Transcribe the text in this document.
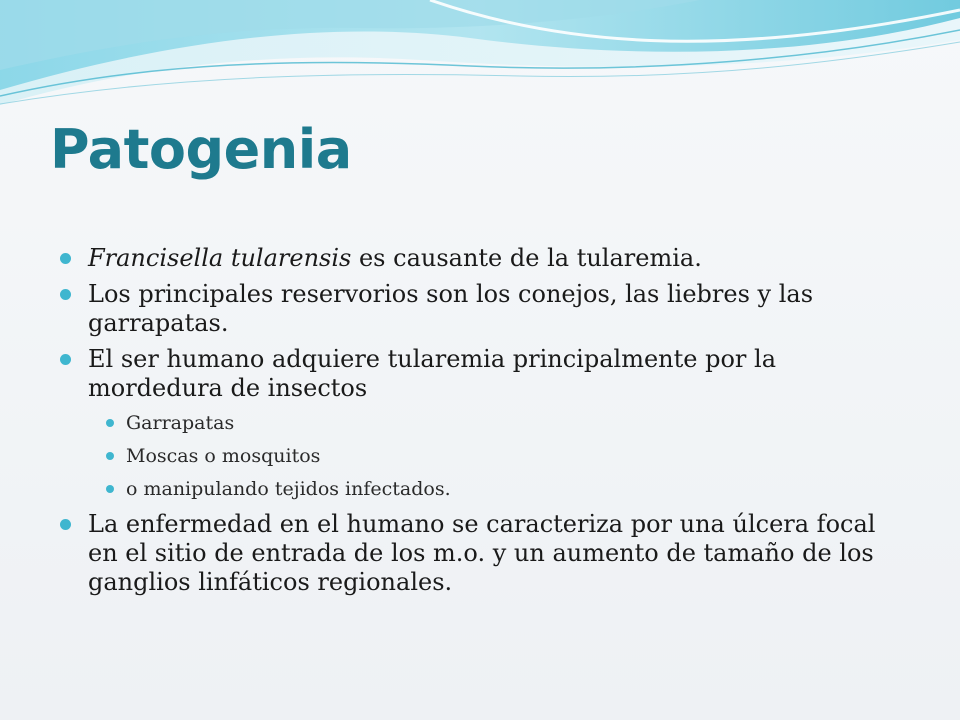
Patogenia
Francisella tularensis es causante de la tularemia.
Los principales reservorios son los conejos, las liebres y las garrapatas.
El ser humano adquiere tularemia principalmente por la mordedura de insectos
Garrapatas
Moscas o mosquitos
o manipulando tejidos infectados.
La enfermedad en el humano se caracteriza por una úlcera focal en el sitio de entrada de los m.o. y un aumento de tamaño de los ganglios linfáticos regionales.
